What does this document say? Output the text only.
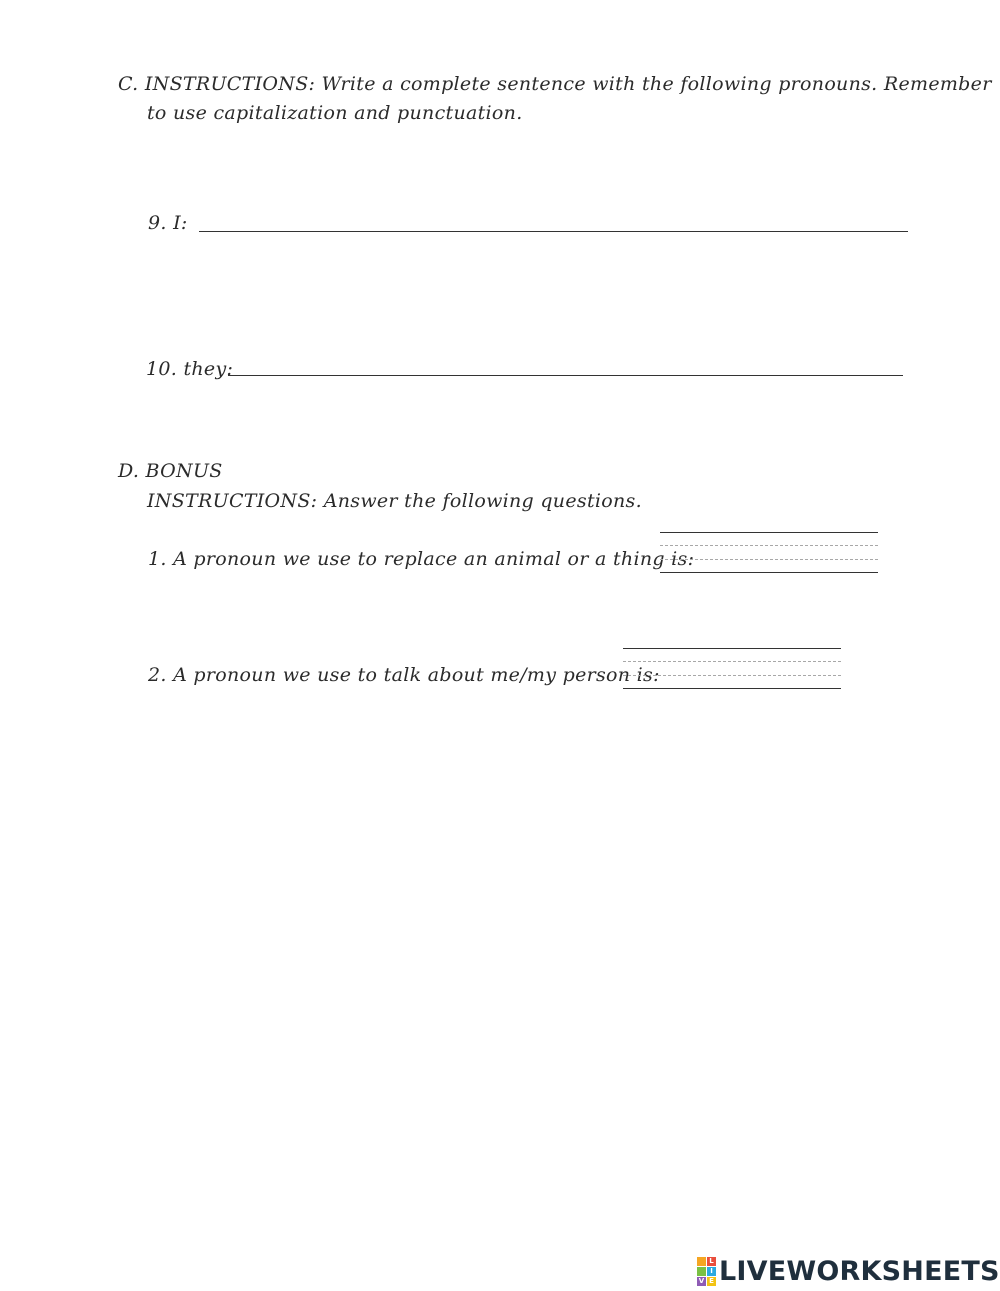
C. INSTRUCTIONS: Write a complete sentence with the following pronouns. Remember
to use capitalization and punctuation.
9. I:
10. they:
D. BONUS
INSTRUCTIONS: Answer the following questions.
1. A pronoun we use to replace an animal or a thing is:
2. A pronoun we use to talk about me/my person is:
L
I
V E LIVEWORKSHEETS
